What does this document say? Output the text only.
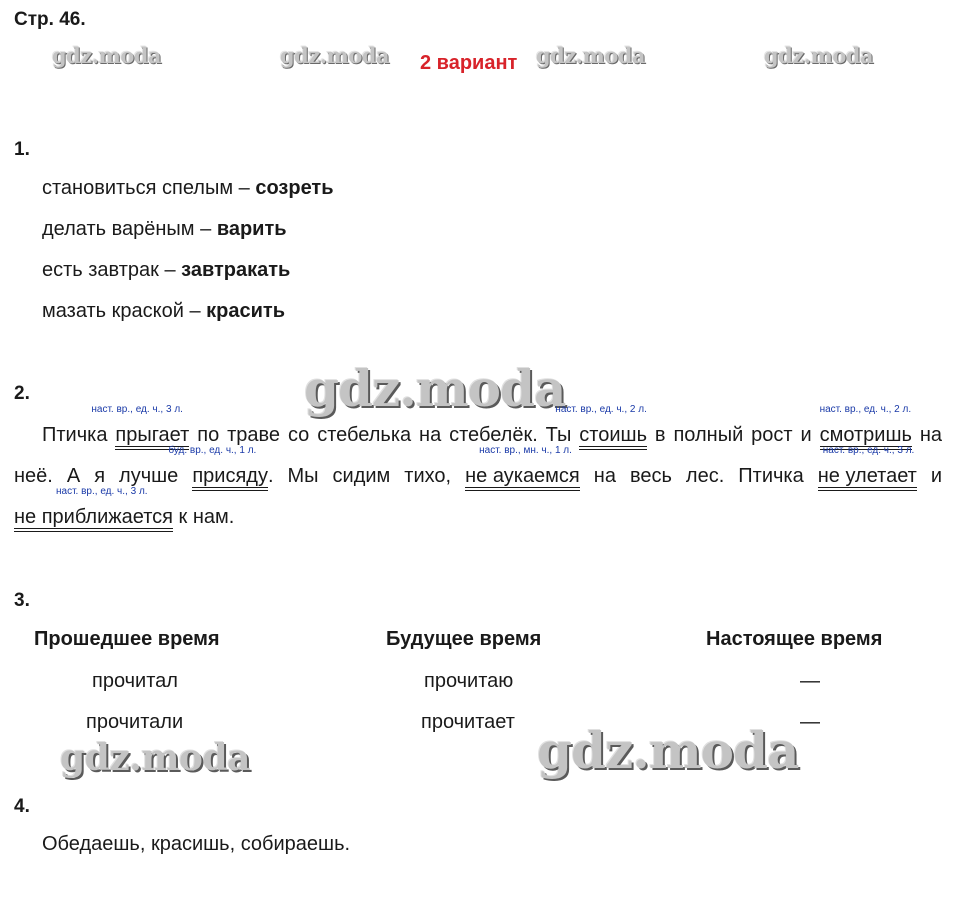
Стр. 46.
gdz.moda	gdz.moda	gdz.moda	gdz.moda
2 вариант
1.
становиться спелым – созреть
делать варёным – варить
есть завтрак – завтракать
мазать краской – красить
2.	gdz.moda
Птичка
наст. вр., ед. ч., 3 л.
прыгает по траве со стебелька на стебелёк. Ты
наст. вр., ед. ч., 2 л.
стоишь в полный рост и
наст. вр., ед. ч., 2 л.
смотришь на неё. А я лучше
буд. вр., ед. ч., 1 л.
присяду. Мы сидим тихо,
наст. вр., мн. ч., 1 л.
не аукаемся на весь лес. Птичка
наст. вр., ед. ч., 3 л.
не улетает и
наст. вр., ед. ч., 3 л.
не приближается к нам.
3.
Прошедшее время	Будущее время	Настоящее время
прочитал	прочитаю	—
прочитали	прочитает	—
gdz.moda	gdz.moda
4.
Обедаешь, красишь, собираешь.
